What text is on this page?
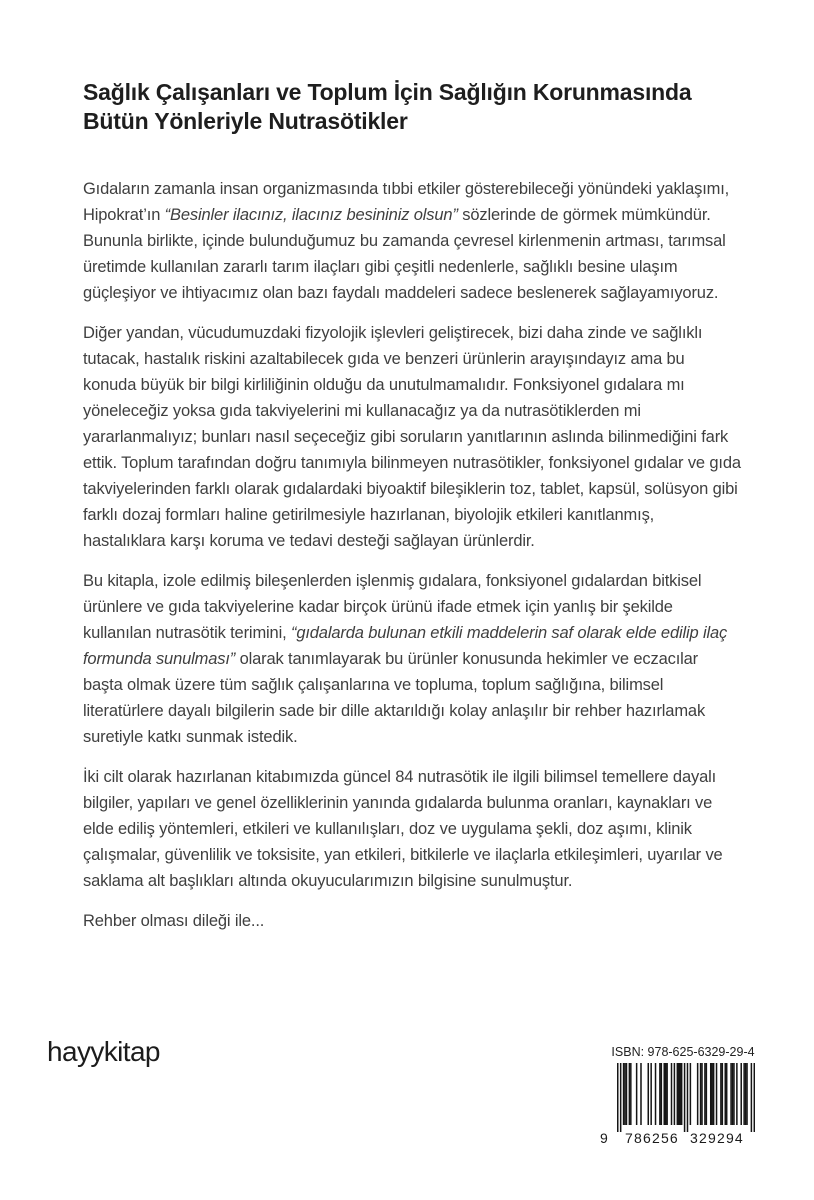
Sağlık Çalışanları ve Toplum İçin Sağlığın Korunmasında
Bütün Yönleriyle Nutrasötikler

Gıdaların zamanla insan organizmasında tıbbi etkiler gösterebileceği yönündeki yaklaşımı, Hipokrat’ın “Besinler ilacınız, ilacınız besininiz olsun” sözlerinde de görmek mümkündür. Bununla birlikte, içinde bulunduğumuz bu zamanda çevresel kirlenmenin artması, tarımsal üretimde kullanılan zararlı tarım ilaçları gibi çeşitli nedenlerle, sağlıklı besine ulaşım güçleşiyor ve ihtiyacımız olan bazı faydalı maddeleri sadece beslenerek sağlayamıyoruz.

Diğer yandan, vücudumuzdaki fizyolojik işlevleri geliştirecek, bizi daha zinde ve sağlıklı tutacak, hastalık riskini azaltabilecek gıda ve benzeri ürünlerin arayışındayız ama bu konuda büyük bir bilgi kirliliğinin olduğu da unutulmamalıdır. Fonksiyonel gıdalara mı yöneleceğiz yoksa gıda takviyelerini mi kullanacağız ya da nutrasötiklerden mi yararlanmalıyız; bunları nasıl seçeceğiz gibi soruların yanıtlarının aslında bilinmediğini fark ettik. Toplum tarafından doğru tanımıyla bilinmeyen nutrasötikler, fonksiyonel gıdalar ve gıda takviyelerinden farklı olarak gıdalardaki biyoaktif bileşiklerin toz, tablet, kapsül, solüsyon gibi farklı dozaj formları haline getirilmesiyle hazırlanan, biyolojik etkileri kanıtlanmış, hastalıklara karşı koruma ve tedavi desteği sağlayan ürünlerdir.

Bu kitapla, izole edilmiş bileşenlerden işlenmiş gıdalara, fonksiyonel gıdalardan bitkisel ürünlere ve gıda takviyelerine kadar birçok ürünü ifade etmek için yanlış bir şekilde kullanılan nutrasötik terimini, “gıdalarda bulunan etkili maddelerin saf olarak elde edilip ilaç formunda sunulması” olarak tanımlayarak bu ürünler konusunda hekimler ve eczacılar başta olmak üzere tüm sağlık çalışanlarına ve topluma, toplum sağlığına, bilimsel literatürlere dayalı bilgilerin sade bir dille aktarıldığı kolay anlaşılır bir rehber hazırlamak suretiyle katkı sunmak istedik.

İki cilt olarak hazırlanan kitabımızda güncel 84 nutrasötik ile ilgili bilimsel temellere dayalı bilgiler, yapıları ve genel özelliklerinin yanında gıdalarda bulunma oranları, kaynakları ve elde ediliş yöntemleri, etkileri ve kullanılışları, doz ve uygulama şekli, doz aşımı, klinik çalışmalar, güvenlilik ve toksisite, yan etkileri, bitkilerle ve ilaçlarla etkileşimleri, uyarılar ve saklama alt başlıkları altında okuyucularımızın bilgisine sunulmuştur.

Rehber olması dileği ile...

hayykitap	ISBN: 978-625-6329-29-4
9 786256 329294
